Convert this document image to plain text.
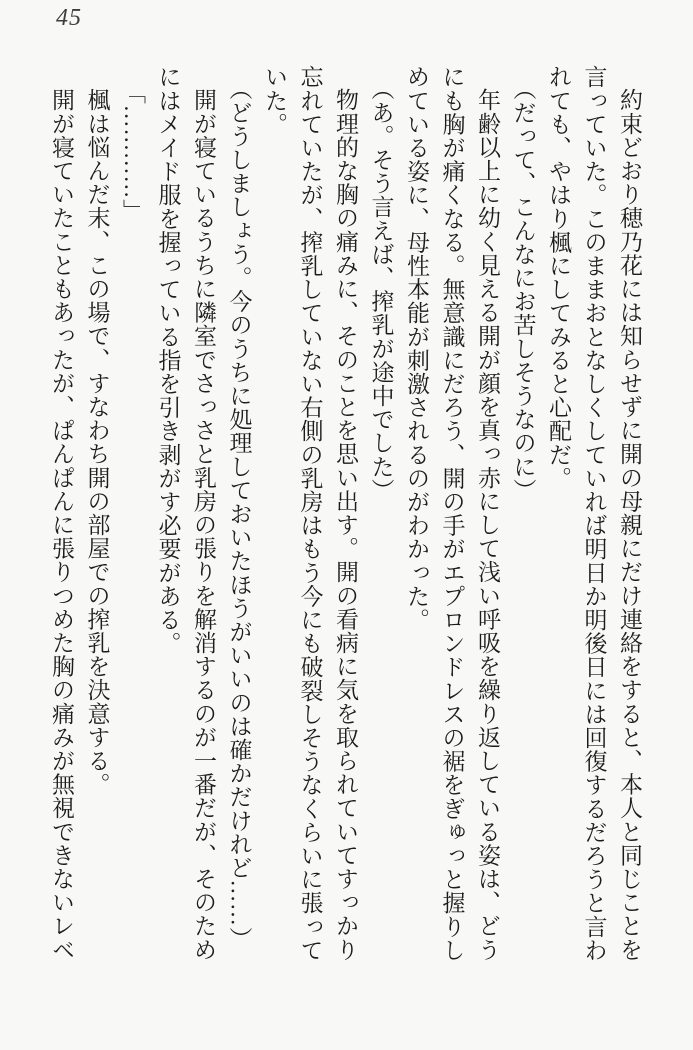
45
約束どおり穂乃花には知らせずに開の母親にだけ連絡をすると、本人と同じことを
言っていた。このままおとなしくしていれば明日か明後日には回復するだろうと言わ
れても、やはり楓にしてみると心配だ。
（だって、こんなにお苦しそうなのに）
年齢以上に幼く見える開が顔を真っ赤にして浅い呼吸を繰り返している姿は、どう
にも胸が痛くなる。無意識にだろう、開の手がエプロンドレスの裾をぎゅっと握りし
めている姿に、母性本能が刺激されるのがわかった。
（あ。そう言えば、搾乳が途中でした）
物理的な胸の痛みに、そのことを思い出す。開の看病に気を取られていてすっかり
忘れていたが、搾乳していない右側の乳房はもう今にも破裂しそうなくらいに張って
いた。
（どうしましょう。今のうちに処理しておいたほうがいいのは確かだけれど……）
開が寝ているうちに隣室でさっさと乳房の張りを解消するのが一番だが、そのため
にはメイド服を握っている指を引き剥がす必要がある。
「…………」
楓は悩んだ末、この場で、すなわち開の部屋での搾乳を決意する。
開が寝ていたこともあったが、ぱんぱんに張りつめた胸の痛みが無視できないレベ
